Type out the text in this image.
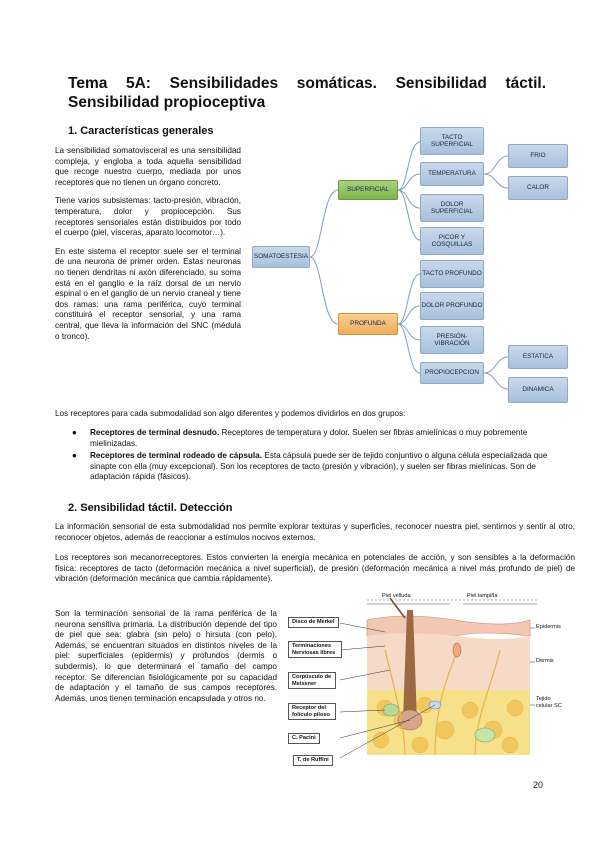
Tema 5A: Sensibilidades somáticas. Sensibilidad táctil. Sensibilidad propioceptiva
1. Características generales

La sensibilidad somatovisceral es una sensibilidad compleja, y engloba a toda aquella sensibilidad que recoge nuestro cuerpo, mediada por unos receptores que no tienen un órgano concreto.

Tiene varios subsistemas: tacto-presión, vibración, temperatura, dolor y propiocepción. Sus receptores sensoriales están distribuidos por todo el cuerpo (piel, vísceras, aparato locomotor…).

En este sistema el receptor suele ser el terminal de una neurona de primer orden. Estas neuronas no tienen dendritas ni axón diferenciado, su soma está en el ganglio e la raíz dorsal de un nervio espinal o en el ganglio de un nervio craneal y tiene dos ramas: una rama periférica, cuyo terminal constituirá el receptor sensorial, y una rama central, que lleva la información del SNC (médula o tronco).

SOMATOESTESIA
SUPERFICIAL
PROFUNDA
TACTO SUPERFICIAL
TEMPERATURA
DOLOR SUPERFICIAL
PICOR Y COSQUILLAS
FRIO
CALOR
TACTO PROFUNDO
DOLOR PROFUNDO
PRESIÓN-VIBRACIÓN
PROPIOCEPCION
ESTATICA
DINAMICA

Los receptores para cada submodalidad son algo diferentes y podemos dividirlos en dos grupos:

● Receptores de terminal desnudo. Receptores de temperatura y dolor. Suelen ser fibras amielínicas o muy pobremente mielinizadas.
● Receptores de terminal rodeado de cápsula. Esta cápsula puede ser de tejido conjuntivo o alguna célula especializada que sinapte con ella (muy excepcional). Son los receptores de tacto (presión y vibración), y suelen ser fibras mielínicas. Son de adaptación rápida (fásicos).
2. Sensibilidad táctil. Detección

La información sensorial de esta submodalidad nos permite explorar texturas y superficies, reconocer nuestra piel, sentirnos y sentir al otro, reconocer objetos, además de reaccionar a estímulos nocivos externos.

Los receptores son mecanorreceptores. Estos convierten la energía mecánica en potenciales de acción, y son sensibles a la deformación física: receptores de tacto (deformación mecánica a nivel superficial), de presión (deformación mecánica a nivel más profundo de piel) de vibración (deformación mecánica que cambia rápidamente).

Son la terminación sensorial de la rama periférica de la neurona sensitiva primaria. La distribución depende del tipo de piel que sea: glabra (sin pelo) o hirsuta (con pelo). Además, se encuentran situados en distintos niveles de la piel: superficiales (epidermis) y profundos (dermis o subdermis), lo que determinará el tamaño del campo receptor. Se diferencian fisiológicamente por su capacidad de adaptación y el tamaño de sus campos receptores. Además, unos tienen terminación encapsulada y otros no.

Piel velluda	Piel lampiña
Disco de Merkel
Terminaciones Nerviosas libres
Corpúsculo de Meissner
Receptor del folículo piloso
C. Pacini
T. de Ruffini
Epidermis
Dermis
Tejido celular SC
20
